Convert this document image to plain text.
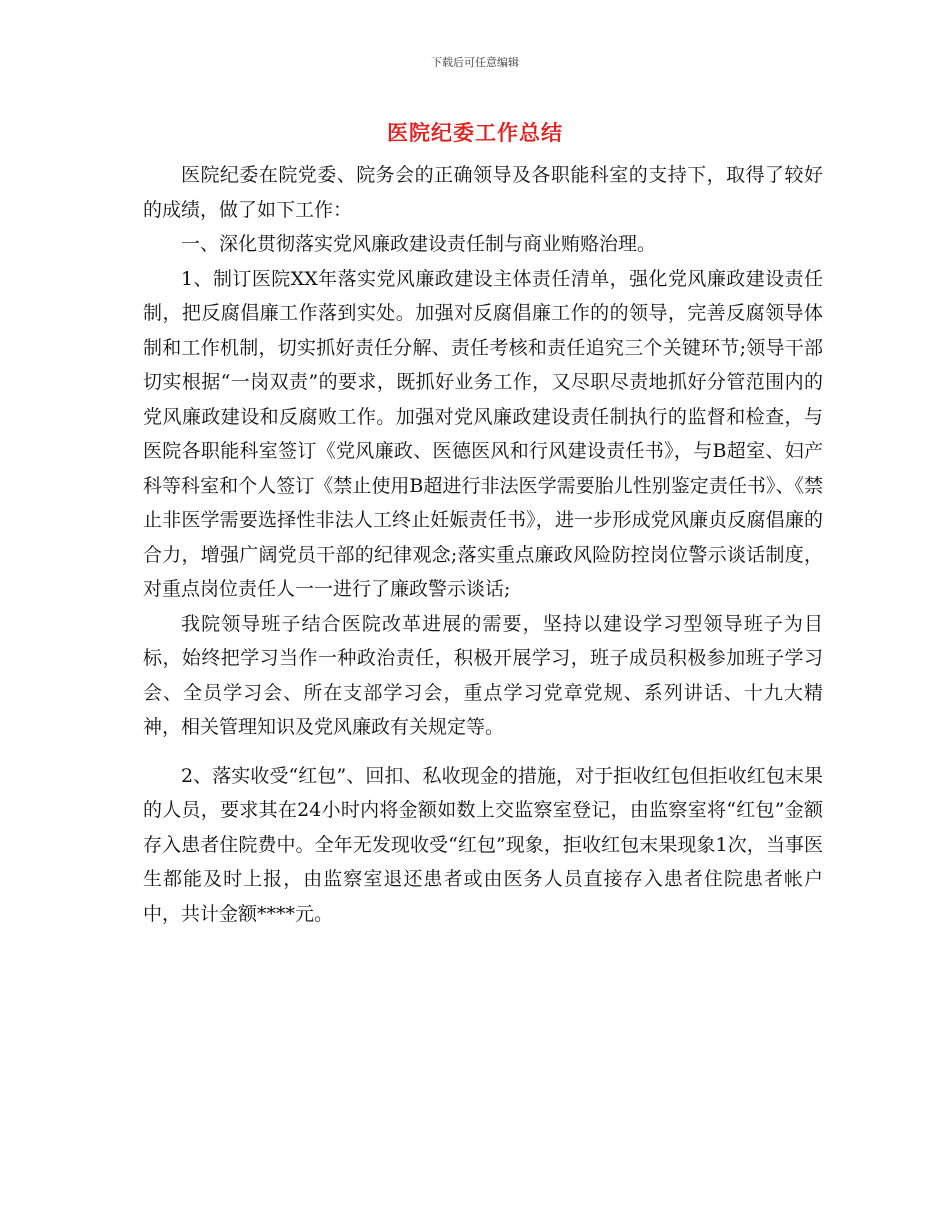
下载后可任意编辑
医院纪委工作总结

医院纪委在院党委、院务会的正确领导及各职能科室的支持下，取得了较好的成绩，做了如下工作：

一、深化贯彻落实党风廉政建设责任制与商业贿赂治理。

1、制订医院XX年落实党风廉政建设主体责任清单，强化党风廉政建设责任制，把反腐倡廉工作落到实处。加强对反腐倡廉工作的的领导，完善反腐领导体制和工作机制，切实抓好责任分解、责任考核和责任追究三个关键环节;领导干部切实根据“一岗双责”的要求，既抓好业务工作，又尽职尽责地抓好分管范围内的党风廉政建设和反腐败工作。加强对党风廉政建设责任制执行的监督和检查，与医院各职能科室签订《党风廉政、医德医风和行风建设责任书》，与B超室、妇产科等科室和个人签订《禁止使用B超进行非法医学需要胎儿性别鉴定责任书》、《禁止非医学需要选择性非法人工终止妊娠责任书》，进一步形成党风廉贞反腐倡廉的合力，增强广阔党员干部的纪律观念;落实重点廉政风险防控岗位警示谈话制度，对重点岗位责任人一一进行了廉政警示谈话;

我院领导班子结合医院改革进展的需要，坚持以建设学习型领导班子为目标，始终把学习当作一种政治责任，积极开展学习，班子成员积极参加班子学习会、全员学习会、所在支部学习会，重点学习党章党规、系列讲话、十九大精神，相关管理知识及党风廉政有关规定等。

2、落实收受“红包”、回扣、私收现金的措施，对于拒收红包但拒收红包末果的人员，要求其在24小时内将金额如数上交监察室登记，由监察室将“红包”金额存入患者住院费中。全年无发现收受“红包”现象，拒收红包末果现象1次，当事医生都能及时上报，由监察室退还患者或由医务人员直接存入患者住院患者帐户中，共计金额****元。
